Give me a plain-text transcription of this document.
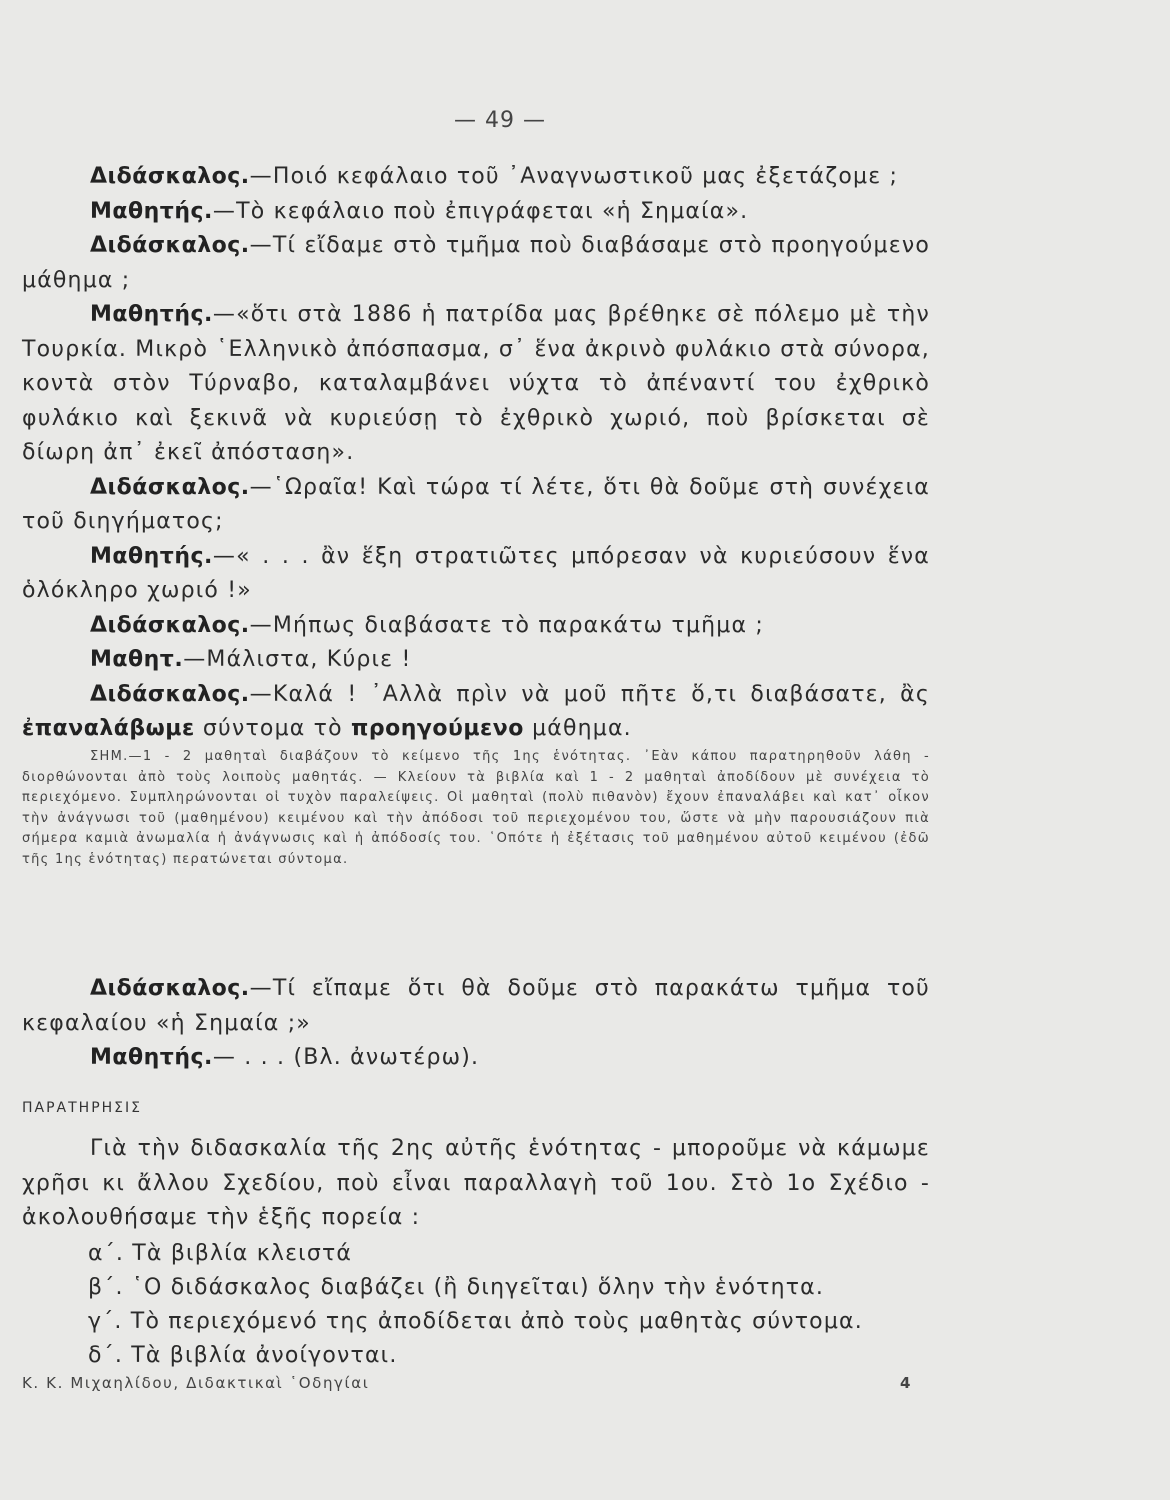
— 49 —

Διδάσκαλος.—Ποιό κεφάλαιο τοῦ ᾿Αναγνωστικοῦ μας ἐξετάζομε ;

Μαθητής.—Τὸ κεφάλαιο ποὺ ἐπιγράφεται «ἡ Σημαία».

Διδάσκαλος.—Τί εἴδαμε στὸ τμῆμα ποὺ διαβάσαμε στὸ προηγούμενο μάθημα ;

Μαθητής.—«ὅτι στὰ 1886 ἡ πατρίδα μας βρέθηκε σὲ πόλεμο μὲ τὴν Τουρκία. Μικρὸ ῾Ελληνικὸ ἀπόσπασμα, σ᾿ ἕνα ἀκρινὸ φυλάκιο στὰ σύνορα, κοντὰ στὸν Τύρναβο, καταλαμβάνει νύχτα τὸ ἀπέναντί του ἐχθρικὸ φυλάκιο καὶ ξεκινᾶ νὰ κυριεύσῃ τὸ ἐχθρικὸ χωριό, ποὺ βρίσκεται σὲ δίωρη ἀπ᾿ ἐκεῖ ἀπόσταση».

Διδάσκαλος.—῾Ωραῖα! Καὶ τώρα τί λέτε, ὅτι θὰ δοῦμε στὴ συνέχεια τοῦ διηγήματος;

Μαθητής.—« . . . ἂν ἕξη στρατιῶτες μπόρεσαν νὰ κυριεύσουν ἕνα ὁλόκληρο χωριό !»

Διδάσκαλος.—Μήπως διαβάσατε τὸ παρακάτω τμῆμα ;

Μαθητ.—Μάλιστα, Κύριε !

Διδάσκαλος.—Καλά ! ᾿Αλλὰ πρὶν νὰ μοῦ πῆτε ὅ,τι διαβάσατε, ἂς ἐπαναλάβωμε σύντομα τὸ προηγούμενο μάθημα.

ΣΗΜ.—1 - 2 μαθηταὶ διαβάζουν τὸ κείμενο τῆς 1ης ἑνότητας. ᾿Εὰν κάπου παρατηρηθοῦν λάθη - διορθώνονται ἀπὸ τοὺς λοιποὺς μαθητάς. — Κλείουν τὰ βιβλία καὶ 1 - 2 μαθηταὶ ἀποδίδουν μὲ συνέχεια τὸ περιεχόμενο. Συμπληρώνονται οἱ τυχὸν παραλείψεις. Οἱ μαθηταὶ (πολὺ πιθανὸν) ἔχουν ἐπαναλάβει καὶ κατ᾿ οἶκον τὴν ἀνάγνωσι τοῦ (μαθημένου) κειμένου καὶ τὴν ἀπόδοσι τοῦ περιεχομένου του, ὥστε νὰ μὴν παρουσιάζουν πιὰ σήμερα καμιὰ ἀνωμαλία ἡ ἀνάγνωσις καὶ ἡ ἀπόδοσίς του. ῾Οπότε ἡ ἐξέτασις τοῦ μαθημένου αὐτοῦ κειμένου (ἐδῶ τῆς 1ης ἑνότητας) περατώνεται σύντομα.

Διδάσκαλος.—Τί εἴπαμε ὅτι θὰ δοῦμε στὸ παρακάτω τμῆμα τοῦ κεφαλαίου «ἡ Σημαία ;»

Μαθητής.— . . . (Βλ. ἀνωτέρω).

ΠΑΡΑΤΗΡΗΣΙΣ

Γιὰ τὴν διδασκαλία τῆς 2ης αὐτῆς ἑνότητας - μποροῦμε νὰ κάμωμε χρῆσι κι ἄλλου Σχεδίου, ποὺ εἶναι παραλλαγὴ τοῦ 1ου. Στὸ 1ο Σχέδιο - ἀκολουθήσαμε τὴν ἑξῆς πορεία :

α΄. Τὰ βιβλία κλειστά
β΄. ῾Ο διδάσκαλος διαβάζει (ἢ διηγεῖται) ὅλην τὴν ἑνότητα.
γ΄. Τὸ περιεχόμενό της ἀποδίδεται ἀπὸ τοὺς μαθητὰς σύντομα.
δ΄. Τὰ βιβλία ἀνοίγονται.
Κ. Κ. Μιχαηλίδου, Διδακτικαὶ ῾Οδηγίαι	4
